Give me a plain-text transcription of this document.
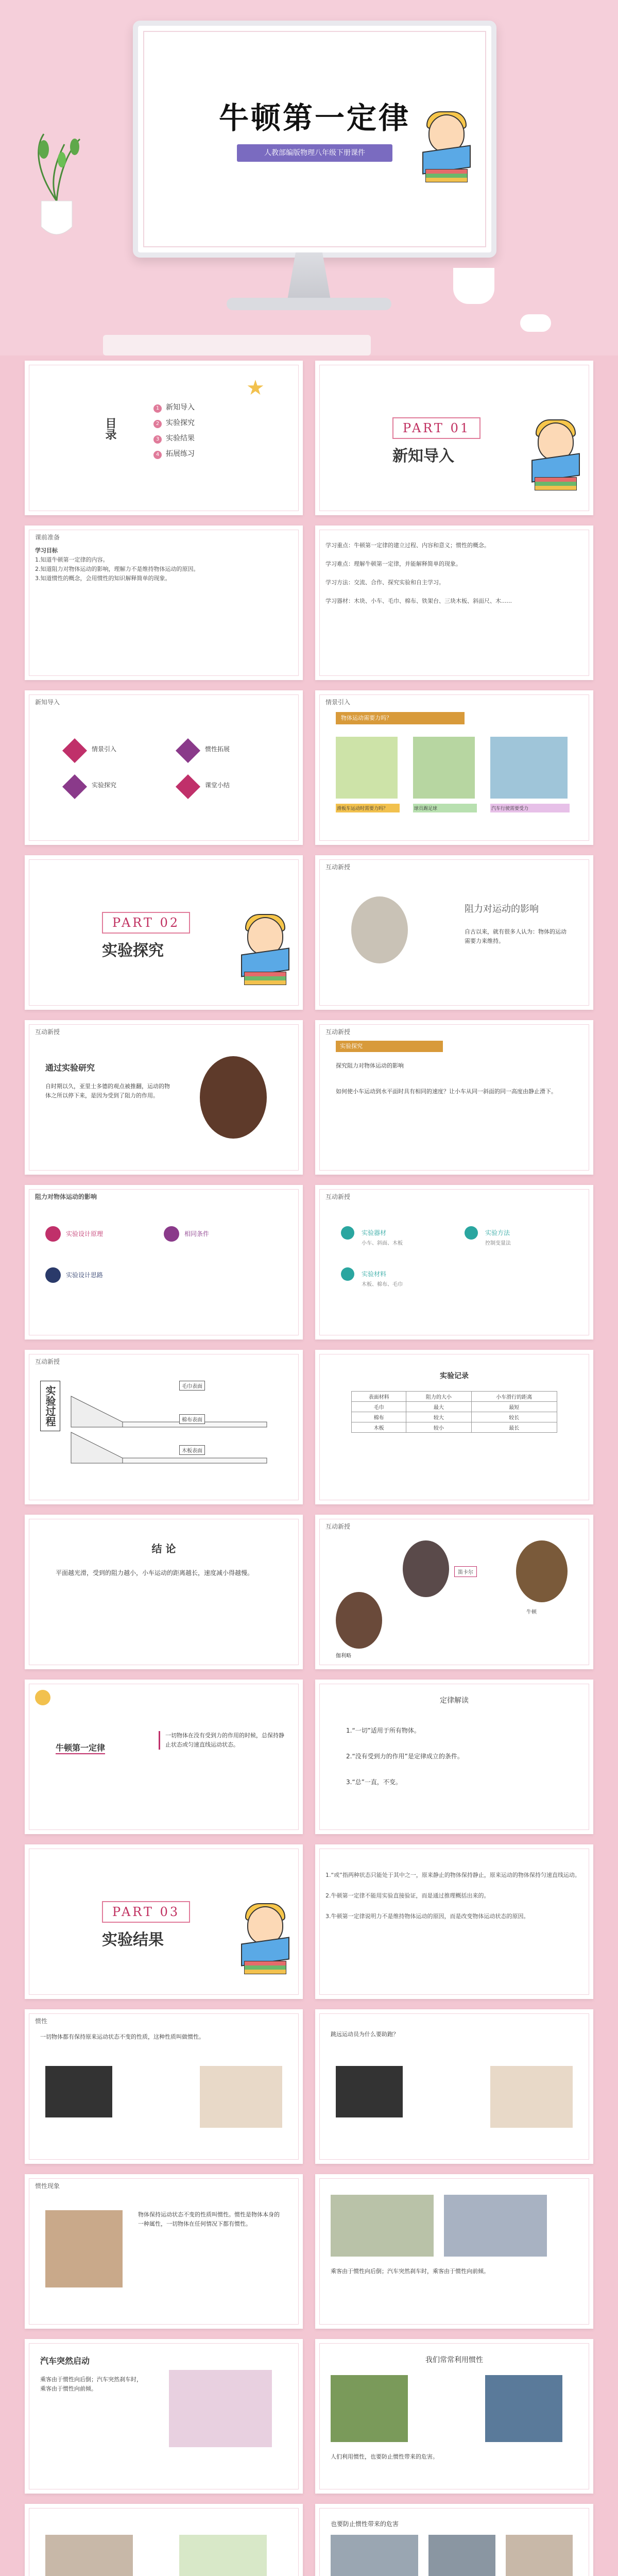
牛顿第一定律
人教部编版物理八年级下册课件
目录
1 新知导入
2 实验探究
3 实验结果
4 拓展练习
★
PART 01
新知导入
课前准备
学习目标
1.知道牛顿第一定律的内容。
2.知道阻力对物体运动的影响，理解力不是维持物体运动的原因。
3.知道惯性的概念，会用惯性的知识解释简单的现象。
学习重点：牛顿第一定律的建立过程、内容和意义；惯性的概念。

学习难点：理解牛顿第一定律，并能解释简单的现象。

学习方法：交流、合作、探究实验和自主学习。

学习器材：木块、小车、毛巾、棉布、铁架台、三块木板、斜面尺、木......
新知导入
情景引入
实验探究
惯性拓展
课堂小结
情景引入
物体运动需要力吗？
滑板车运动时需要力吗？	球员踢足球	汽车行驶需要受力
PART 02
实验探究
互动新授
阻力对运动的影响
自古以来，就有很多人认为：物体的运动需要力来维持。
互动新授
通过实验研究
自时期以久，亚里士多德的观点被推翻，运动的物体之所以停下来，是因为受到了阻力的作用。
互动新授
实验探究
探究阻力对物体运动的影响
如何使小车运动到水平面时具有相同的速度？让小车从同一斜面的同一高度由静止滑下。
阻力对物体运动的影响
实验设计原理	相同条件
实验设计思路
互动新授
实验器材
小车、斜面、木板
实验方法
控制变量法
实验材料
木板、棉布、毛巾
互动新授
实验过程	毛巾表面
棉布表面
木板表面
实验记录
表面材料	阻力的大小	小车滑行的距离
毛巾	最大	最短
棉布	较大	较长
木板	较小	最长
结 论
平面越光滑，受到的阻力越小，小车运动的距离越长，速度减小得越慢。
互动新授
伽利略
笛卡尔
牛顿
牛顿第一定律
一切物体在没有受到力的作用的时候，总保持静止状态或匀速直线运动状态。
定律解读
1.“一切”适用于所有物体。
2.“没有受到力的作用”是定律成立的条件。
3.“总”一直，不变。
PART 03
实验结果
1.“或”指两种状态只能处于其中之一，原来静止的物体保持静止，原来运动的物体保持匀速直线运动。

2.牛顿第一定律不能用实验直接验证，而是通过推理概括出来的。

3.牛顿第一定律说明力不是维持物体运动的原因，而是改变物体运动状态的原因。
惯性
一切物体都有保持原来运动状态不变的性质，这种性质叫做惯性。	跳远运动员为什么要助跑？
惯性现象
物体保持运动状态不变的性质叫惯性。惯性是物体本身的一种属性，一切物体在任何情况下都有惯性。
乘客由于惯性向后倒；汽车突然刹车时，乘客由于惯性向前倾。
汽车突然启动
乘客由于惯性向后倒；汽车突然刹车时，乘客由于惯性向前倾。
我们常常利用惯性
人们利用惯性，也要防止惯性带来的危害。
也要防止惯性带来的危害
